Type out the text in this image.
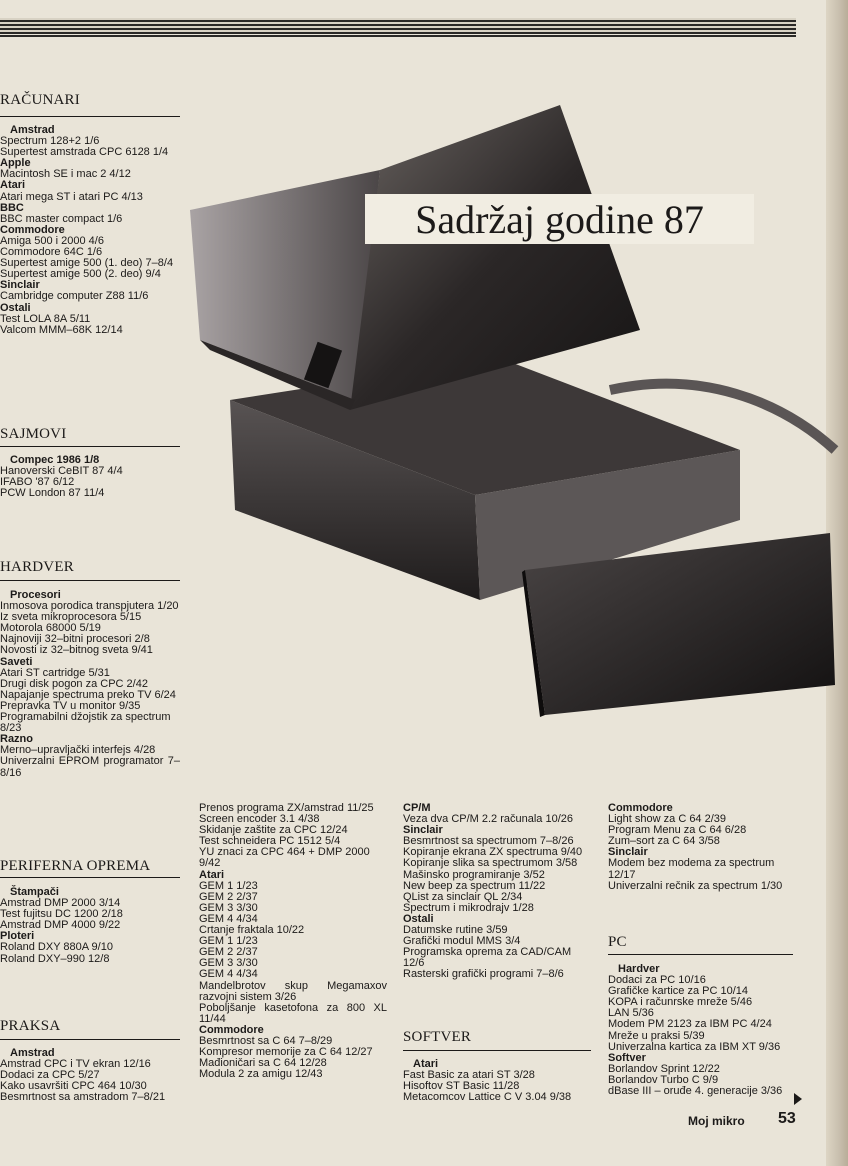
Sadržaj godine 87
RAČUNARI
SAJMOVI
HARDVER
PERIFERNA OPREMA
PRAKSA
SOFTVER
PC
Amstrad
Spectrum 128+2 1/6
Supertest amstrada CPC 6128 1/4
Apple
Macintosh SE i mac 2 4/12
Atari
Atari mega ST i atari PC 4/13
BBC
BBC master compact 1/6
Commodore
Amiga 500 i 2000 4/6
Commodore 64C 1/6
Supertest amige 500 (1. deo) 7–8/4
Supertest amige 500 (2. deo) 9/4
Sinclair
Cambridge computer Z88 11/6
Ostali
Test LOLA 8A 5/11
Valcom MMM–68K 12/14
Compec 1986 1/8
Hanoverski CeBIT 87 4/4
IFABO '87 6/12
PCW London 87 11/4
Procesori
Inmosova porodica transpjutera 1/20
Iz sveta mikroprocesora 5/15
Motorola 68000 5/19
Najnoviji 32–bitni procesori 2/8
Novosti iz 32–bitnog sveta 9/41
Saveti
Atari ST cartridge 5/31
Drugi disk pogon za CPC 2/42
Napajanje spectruma preko TV 6/24
Prepravka TV u monitor 9/35
Programabilni džojstik za spectrum 8/23
Razno
Merno–upravljački interfejs 4/28
Univerzalni EPROM programator 7–8/16
Štampači
Amstrad DMP 2000 3/14
Test fujitsu DC 1200 2/18
Amstrad DMP 4000 9/22
Ploteri
Roland DXY 880A 9/10
Roland DXY–990 12/8
Amstrad
Amstrad CPC i TV ekran 12/16
Dodaci za CPC 5/27
Kako usavršiti CPC 464 10/30
Besmrtnost sa amstradom 7–8/21
Prenos programa ZX/amstrad 11/25
Screen encoder 3.1 4/38
Skidanje zaštite za CPC 12/24
Test schneidera PC 1512 5/4
YU znaci za CPC 464 + DMP 2000 9/42
Atari
GEM 1 1/23
GEM 2 2/37
GEM 3 3/30
GEM 4 4/34
Crtanje fraktala 10/22
GEM 1 1/23
GEM 2 2/37
GEM 3 3/30
GEM 4 4/34
Mandelbrotov skup Megamaxov razvojni sistem 3/26
Poboljšanje kasetofona za 800 XL 11/44
Commodore
Besmrtnost sa C 64 7–8/29
Kompresor memorije za C 64 12/27
Mađioničari sa C 64 12/28
Modula 2 za amigu 12/43
CP/M
Veza dva CP/M 2.2 računala 10/26
Sinclair
Besmrtnost sa spectrumom 7–8/26
Kopiranje ekrana ZX spectruma 9/40
Kopiranje slika sa spectrumom 3/58
Mašinsko programiranje 3/52
New beep za spectrum 11/22
QList za sinclair QL 2/34
Spectrum i mikrodrajv 1/28
Ostali
Datumske rutine 3/59
Grafički modul MMS 3/4
Programska oprema za CAD/CAM 12/6
Rasterski grafički programi 7–8/6
Atari
Fast Basic za atari ST 3/28
Hisoftov ST Basic 11/28
Metacomcov Lattice C V 3.04 9/38
Commodore
Light show za C 64 2/39
Program Menu za C 64 6/28
Zum–sort za C 64 3/58
Sinclair
Modem bez modema za spectrum 12/17
Univerzalni rečnik za spectrum 1/30
Hardver
Dodaci za PC 10/16
Grafičke kartice za PC 10/14
KOPA i računrske mreže 5/46
LAN 5/36
Modem PM 2123 za IBM PC 4/24
Mreže u praksi 5/39
Univerzalna kartica za IBM XT 9/36
Softver
Borlandov Sprint 12/22
Borlandov Turbo C 9/9
dBase III – oruđe 4. generacije 3/36
Moj mikro 53
